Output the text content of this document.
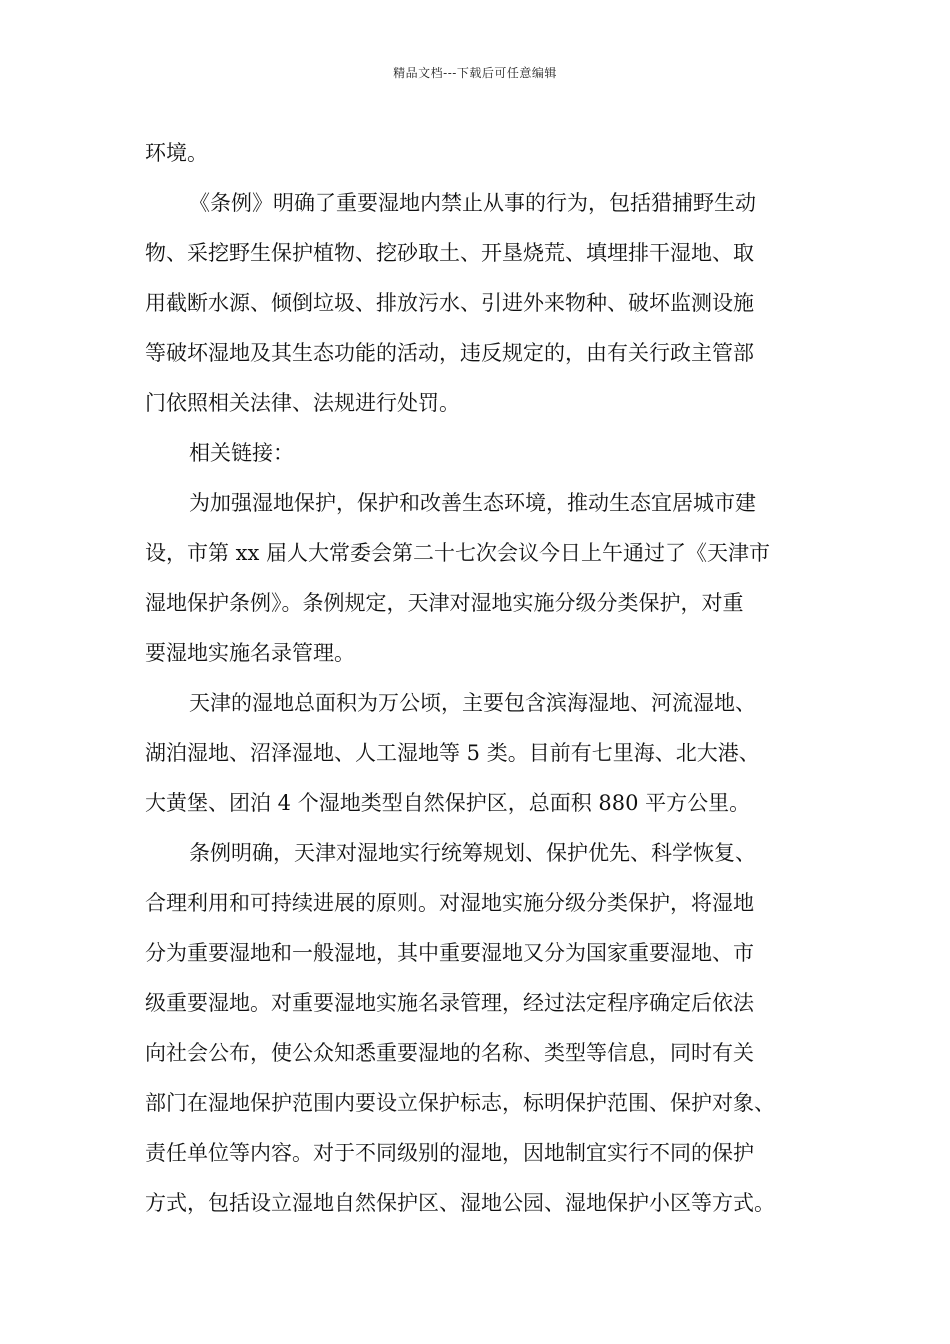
精品文档---下载后可任意编辑
环境。
《条例》明确了重要湿地内禁止从事的行为，包括猎捕野生动
物、采挖野生保护植物、挖砂取土、开垦烧荒、填埋排干湿地、取
用截断水源、倾倒垃圾、排放污水、引进外来物种、破坏监测设施
等破坏湿地及其生态功能的活动，违反规定的，由有关行政主管部
门依照相关法律、法规进行处罚。
相关链接：
为加强湿地保护，保护和改善生态环境，推动生态宜居城市建
设，市第 xx 届人大常委会第二十七次会议今日上午通过了《天津市
湿地保护条例》。条例规定，天津对湿地实施分级分类保护，对重
要湿地实施名录管理。
天津的湿地总面积为万公顷，主要包含滨海湿地、河流湿地、
湖泊湿地、沼泽湿地、人工湿地等 5 类。目前有七里海、北大港、
大黄堡、团泊 4 个湿地类型自然保护区，总面积 880 平方公里。
条例明确，天津对湿地实行统筹规划、保护优先、科学恢复、
合理利用和可持续进展的原则。对湿地实施分级分类保护，将湿地
分为重要湿地和一般湿地，其中重要湿地又分为国家重要湿地、市
级重要湿地。对重要湿地实施名录管理，经过法定程序确定后依法
向社会公布，使公众知悉重要湿地的名称、类型等信息，同时有关
部门在湿地保护范围内要设立保护标志，标明保护范围、保护对象、
责任单位等内容。对于不同级别的湿地，因地制宜实行不同的保护
方式，包括设立湿地自然保护区、湿地公园、湿地保护小区等方式。
